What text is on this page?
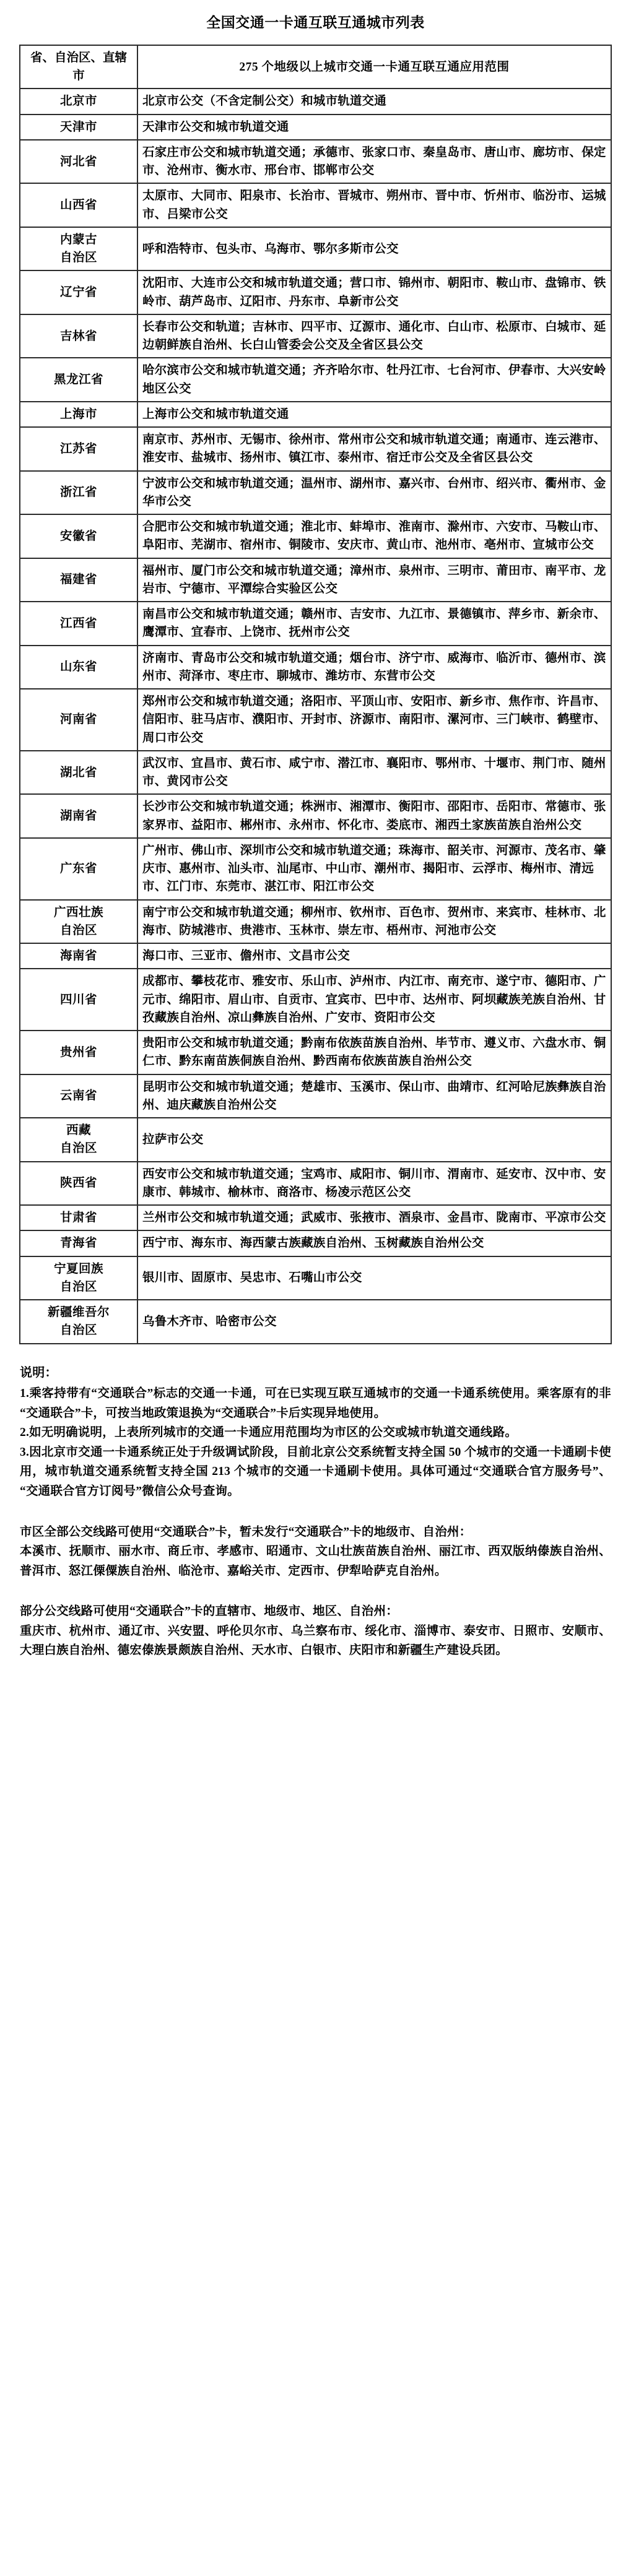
全国交通一卡通互联互通城市列表
省、自治区、直辖市	275 个地级以上城市交通一卡通互联互通应用范围

北京市	北京市公交（不含定制公交）和城市轨道交通

天津市	天津市公交和城市轨道交通

河北省	石家庄市公交和城市轨道交通；承德市、张家口市、秦皇岛市、唐山市、廊坊市、保定市、沧州市、衡水市、邢台市、邯郸市公交

山西省	太原市、大同市、阳泉市、长治市、晋城市、朔州市、晋中市、忻州市、临汾市、运城市、吕梁市公交

内蒙古
自治区	呼和浩特市、包头市、乌海市、鄂尔多斯市公交

辽宁省	沈阳市、大连市公交和城市轨道交通；营口市、锦州市、朝阳市、鞍山市、盘锦市、铁岭市、葫芦岛市、辽阳市、丹东市、阜新市公交

吉林省	长春市公交和轨道；吉林市、四平市、辽源市、通化市、白山市、松原市、白城市、延边朝鲜族自治州、长白山管委会公交及全省区县公交

黑龙江省	哈尔滨市公交和城市轨道交通；齐齐哈尔市、牡丹江市、七台河市、伊春市、大兴安岭地区公交

上海市	上海市公交和城市轨道交通

江苏省	南京市、苏州市、无锡市、徐州市、常州市公交和城市轨道交通；南通市、连云港市、淮安市、盐城市、扬州市、镇江市、泰州市、宿迁市公交及全省区县公交

浙江省	宁波市公交和城市轨道交通；温州市、湖州市、嘉兴市、台州市、绍兴市、衢州市、金华市公交

安徽省	合肥市公交和城市轨道交通；淮北市、蚌埠市、淮南市、滁州市、六安市、马鞍山市、阜阳市、芜湖市、宿州市、铜陵市、安庆市、黄山市、池州市、亳州市、宣城市公交

福建省	福州市、厦门市公交和城市轨道交通；漳州市、泉州市、三明市、莆田市、南平市、龙岩市、宁德市、平潭综合实验区公交

江西省	南昌市公交和城市轨道交通；赣州市、吉安市、九江市、景德镇市、萍乡市、新余市、鹰潭市、宜春市、上饶市、抚州市公交

山东省	济南市、青岛市公交和城市轨道交通；烟台市、济宁市、威海市、临沂市、德州市、滨州市、菏泽市、枣庄市、聊城市、潍坊市、东营市公交

河南省	郑州市公交和城市轨道交通；洛阳市、平顶山市、安阳市、新乡市、焦作市、许昌市、信阳市、驻马店市、濮阳市、开封市、济源市、南阳市、漯河市、三门峡市、鹤壁市、周口市公交

湖北省	武汉市、宜昌市、黄石市、咸宁市、潜江市、襄阳市、鄂州市、十堰市、荆门市、随州市、黄冈市公交

湖南省	长沙市公交和城市轨道交通；株洲市、湘潭市、衡阳市、邵阳市、岳阳市、常德市、张家界市、益阳市、郴州市、永州市、怀化市、娄底市、湘西土家族苗族自治州公交

广东省	广州市、佛山市、深圳市公交和城市轨道交通；珠海市、韶关市、河源市、茂名市、肇庆市、惠州市、汕头市、汕尾市、中山市、潮州市、揭阳市、云浮市、梅州市、清远市、江门市、东莞市、湛江市、阳江市公交

广西壮族
自治区	南宁市公交和城市轨道交通；柳州市、钦州市、百色市、贺州市、来宾市、桂林市、北海市、防城港市、贵港市、玉林市、崇左市、梧州市、河池市公交

海南省	海口市、三亚市、儋州市、文昌市公交

四川省	成都市、攀枝花市、雅安市、乐山市、泸州市、内江市、南充市、遂宁市、德阳市、广元市、绵阳市、眉山市、自贡市、宜宾市、巴中市、达州市、阿坝藏族羌族自治州、甘孜藏族自治州、凉山彝族自治州、广安市、资阳市公交

贵州省	贵阳市公交和城市轨道交通；黔南布依族苗族自治州、毕节市、遵义市、六盘水市、铜仁市、黔东南苗族侗族自治州、黔西南布依族苗族自治州公交

云南省	昆明市公交和城市轨道交通；楚雄市、玉溪市、保山市、曲靖市、红河哈尼族彝族自治州、迪庆藏族自治州公交

西藏
自治区	拉萨市公交

陕西省	西安市公交和城市轨道交通；宝鸡市、咸阳市、铜川市、渭南市、延安市、汉中市、安康市、韩城市、榆林市、商洛市、杨凌示范区公交

甘肃省	兰州市公交和城市轨道交通；武威市、张掖市、酒泉市、金昌市、陇南市、平凉市公交

青海省	西宁市、海东市、海西蒙古族藏族自治州、玉树藏族自治州公交

宁夏回族
自治区	银川市、固原市、吴忠市、石嘴山市公交

新疆维吾尔
自治区	乌鲁木齐市、哈密市公交
说明：

1.乘客持带有“交通联合”标志的交通一卡通，可在已实现互联互通城市的交通一卡通系统使用。乘客原有的非“交通联合”卡，可按当地政策退换为“交通联合”卡后实现异地使用。

2.如无明确说明，上表所列城市的交通一卡通应用范围均为市区的公交或城市轨道交通线路。

3.因北京市交通一卡通系统正处于升级调试阶段，目前北京公交系统暂支持全国 50 个城市的交通一卡通刷卡使用，城市轨道交通系统暂支持全国 213 个城市的交通一卡通刷卡使用。具体可通过“交通联合官方服务号”、“交通联合官方订阅号”微信公众号查询。

市区全部公交线路可使用“交通联合”卡，暂未发行“交通联合”卡的地级市、自治州：

本溪市、抚顺市、丽水市、商丘市、孝感市、昭通市、文山壮族苗族自治州、丽江市、西双版纳傣族自治州、普洱市、怒江傈僳族自治州、临沧市、嘉峪关市、定西市、伊犁哈萨克自治州。

部分公交线路可使用“交通联合”卡的直辖市、地级市、地区、自治州：

重庆市、杭州市、通辽市、兴安盟、呼伦贝尔市、乌兰察布市、绥化市、淄博市、泰安市、日照市、安顺市、大理白族自治州、德宏傣族景颇族自治州、天水市、白银市、庆阳市和新疆生产建设兵团。
